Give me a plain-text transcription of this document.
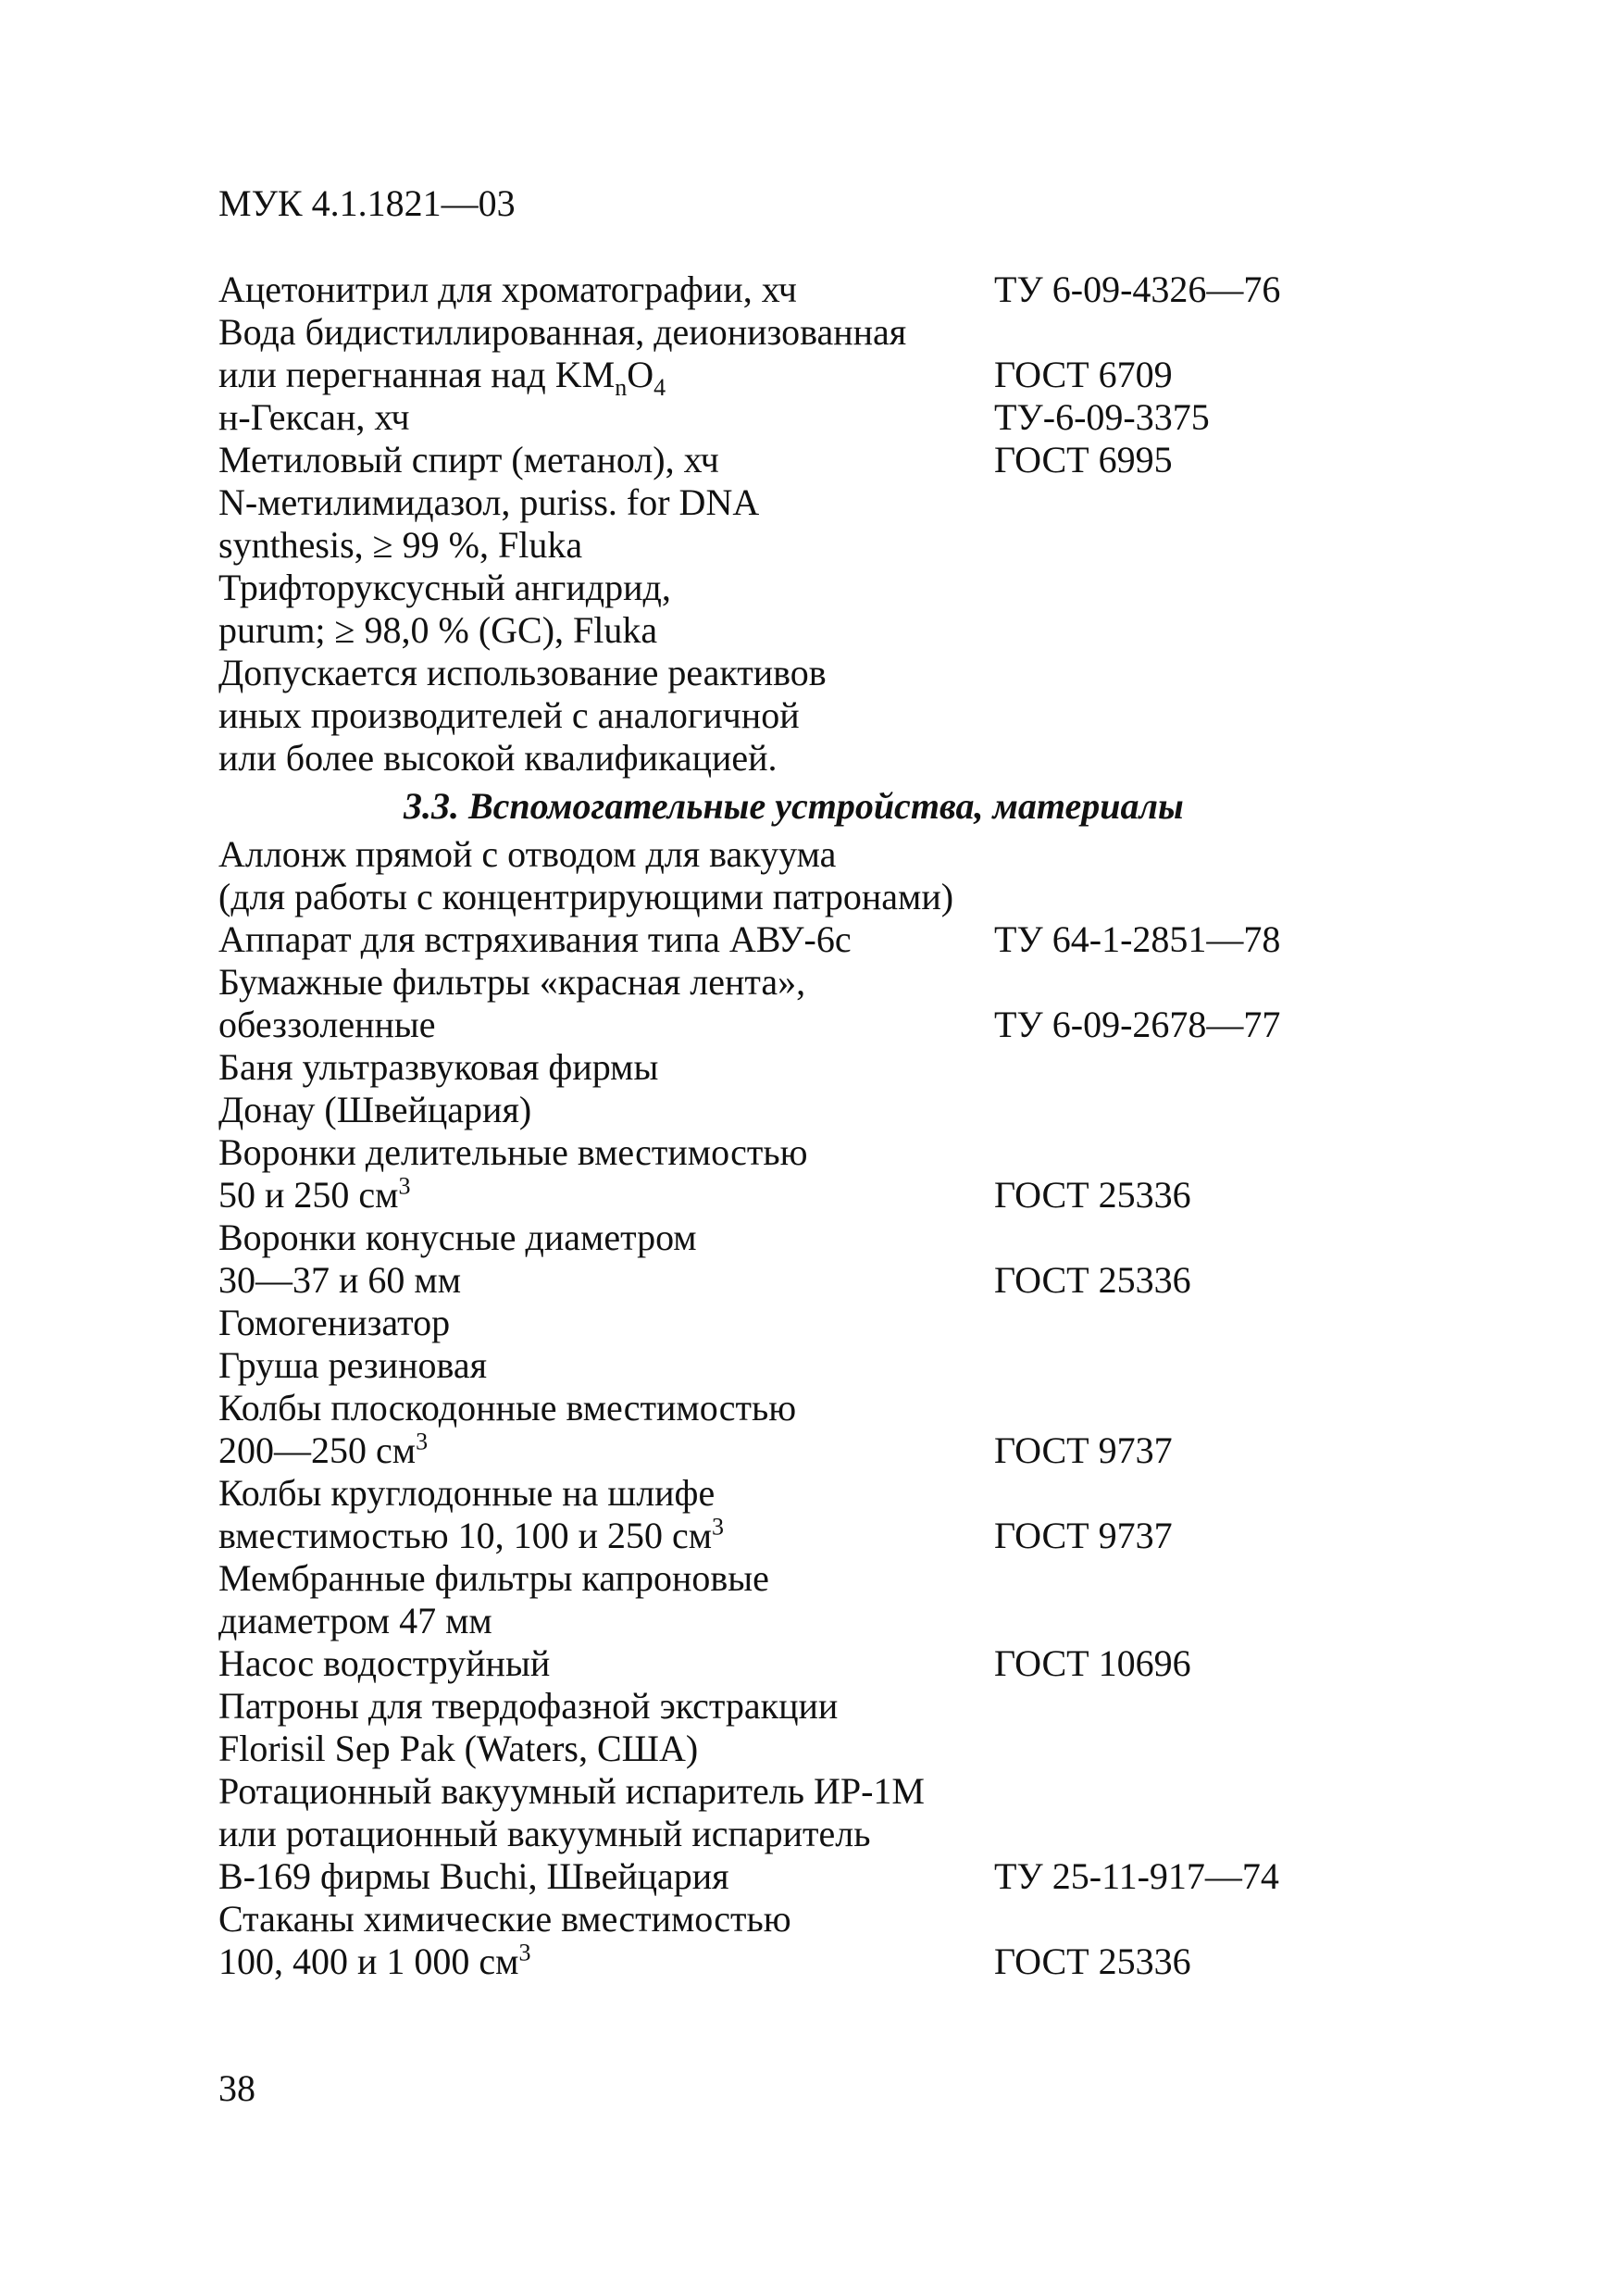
МУК 4.1.1821—03
Ацетонитрил для хроматографии, хч	ТУ 6-09-4326—76
Вода бидистиллированная, деионизованная
или перегнанная над $KM_nO_4$	ГОСТ 6709
н-Гексан, хч	ТУ-6-09-3375
Метиловый спирт (метанол), хч	ГОСТ 6995
N-метилимидазол, puriss. for DNA
synthesis, ≥ 99 %, Fluka
Трифторуксусный ангидрид,
purum; ≥ 98,0 % (GC), Fluka
Допускается использование реактивов
иных производителей с аналогичной
или более высокой квалификацией.
3.3. Вспомогательные устройства, материалы
Аллонж прямой с отводом для вакуума
(для работы с концентрирующими патронами)
Аппарат для встряхивания типа АВУ-6с	ТУ 64-1-2851—78
Бумажные фильтры «красная лента»,
обеззоленные	ТУ 6-09-2678—77
Баня ультразвуковая фирмы
Донау (Швейцария)
Воронки делительные вместимостью
50 и 250 $см^3$	ГОСТ 25336
Воронки конусные диаметром
30—37 и 60 мм	ГОСТ 25336
Гомогенизатор
Груша резиновая
Колбы плоскодонные вместимостью
200—250 $см^3$	ГОСТ 9737
Колбы круглодонные на шлифе
вместимостью 10, 100 и 250 $см^3$	ГОСТ 9737
Мембранные фильтры капроновые
диаметром 47 мм
Насос водоструйный	ГОСТ 10696
Патроны для твердофазной экстракции
Florisil Sep Pak (Waters, США)
Ротационный вакуумный испаритель ИР-1М
или ротационный вакуумный испаритель
В-169 фирмы Buchi, Швейцария	ТУ 25-11-917—74
Стаканы химические вместимостью
100, 400 и 1 000 $см^3$	ГОСТ 25336
38
